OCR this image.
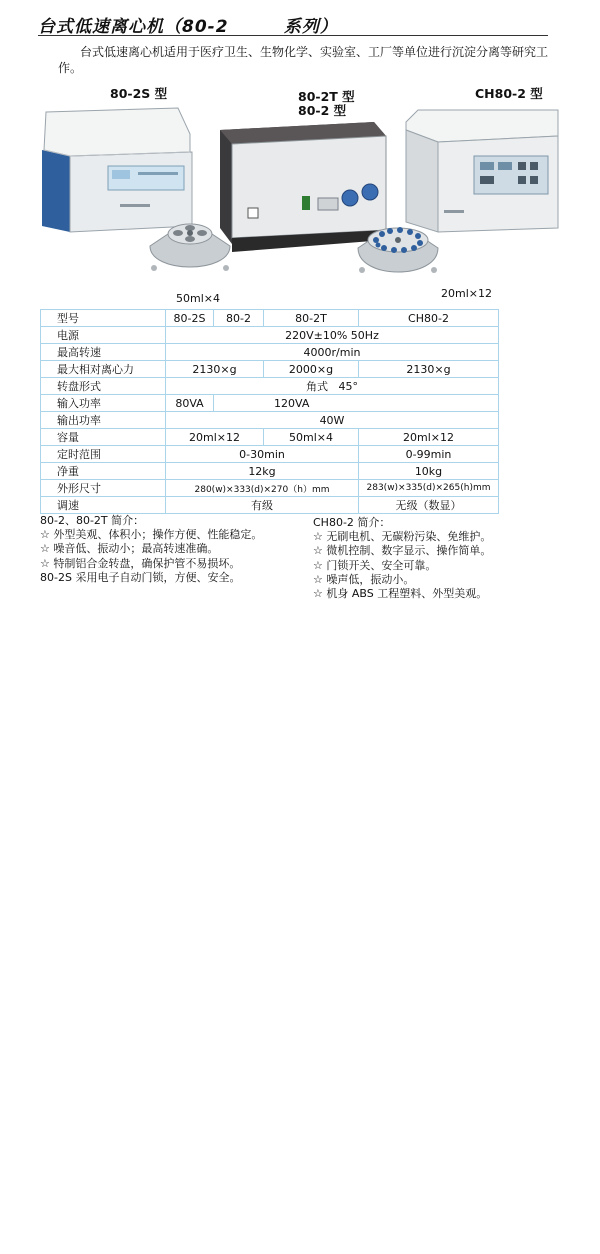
台式低速离心机（80-2        系列）
台式低速离心机适用于医疗卫生、生物化学、实验室、工厂等单位进行沉淀分离等研究工作。
80-2S 型	80-2T 型
80-2 型
CH80-2 型
50ml×4	20ml×12
型号	80-2S	80-2	80-2T	CH80-2
电源	220V±10% 50Hz			
最高转速	4000r/min			
最大相对离心力	2130×g		2000×g	2130×g
转盘形式	角式   45°			
输入功率	80VA	120VA		
输出功率	40W			
容量	20ml×12		50ml×4	20ml×12
定时范围	0-30min			0-99min
净重	12kg			10kg
外形尺寸	280(w)×333(d)×270（h）mm			283(w)×335(d)×265(h)mm
调速	有级			无级（数显）
80-2、80-2T 简介：
☆ 外型美观、体积小；操作方便、性能稳定。
☆ 噪音低、振动小；最高转速准确。
☆ 特制铝合金转盘，确保护管不易损坏。
80-2S 采用电子自动门锁，方便、安全。
CH80-2 简介：
☆ 无刷电机、无碳粉污染、免维护。
☆ 微机控制、数字显示、操作简单。
☆ 门锁开关、安全可靠。
☆ 噪声低，振动小。
☆ 机身 ABS 工程塑料、外型美观。
